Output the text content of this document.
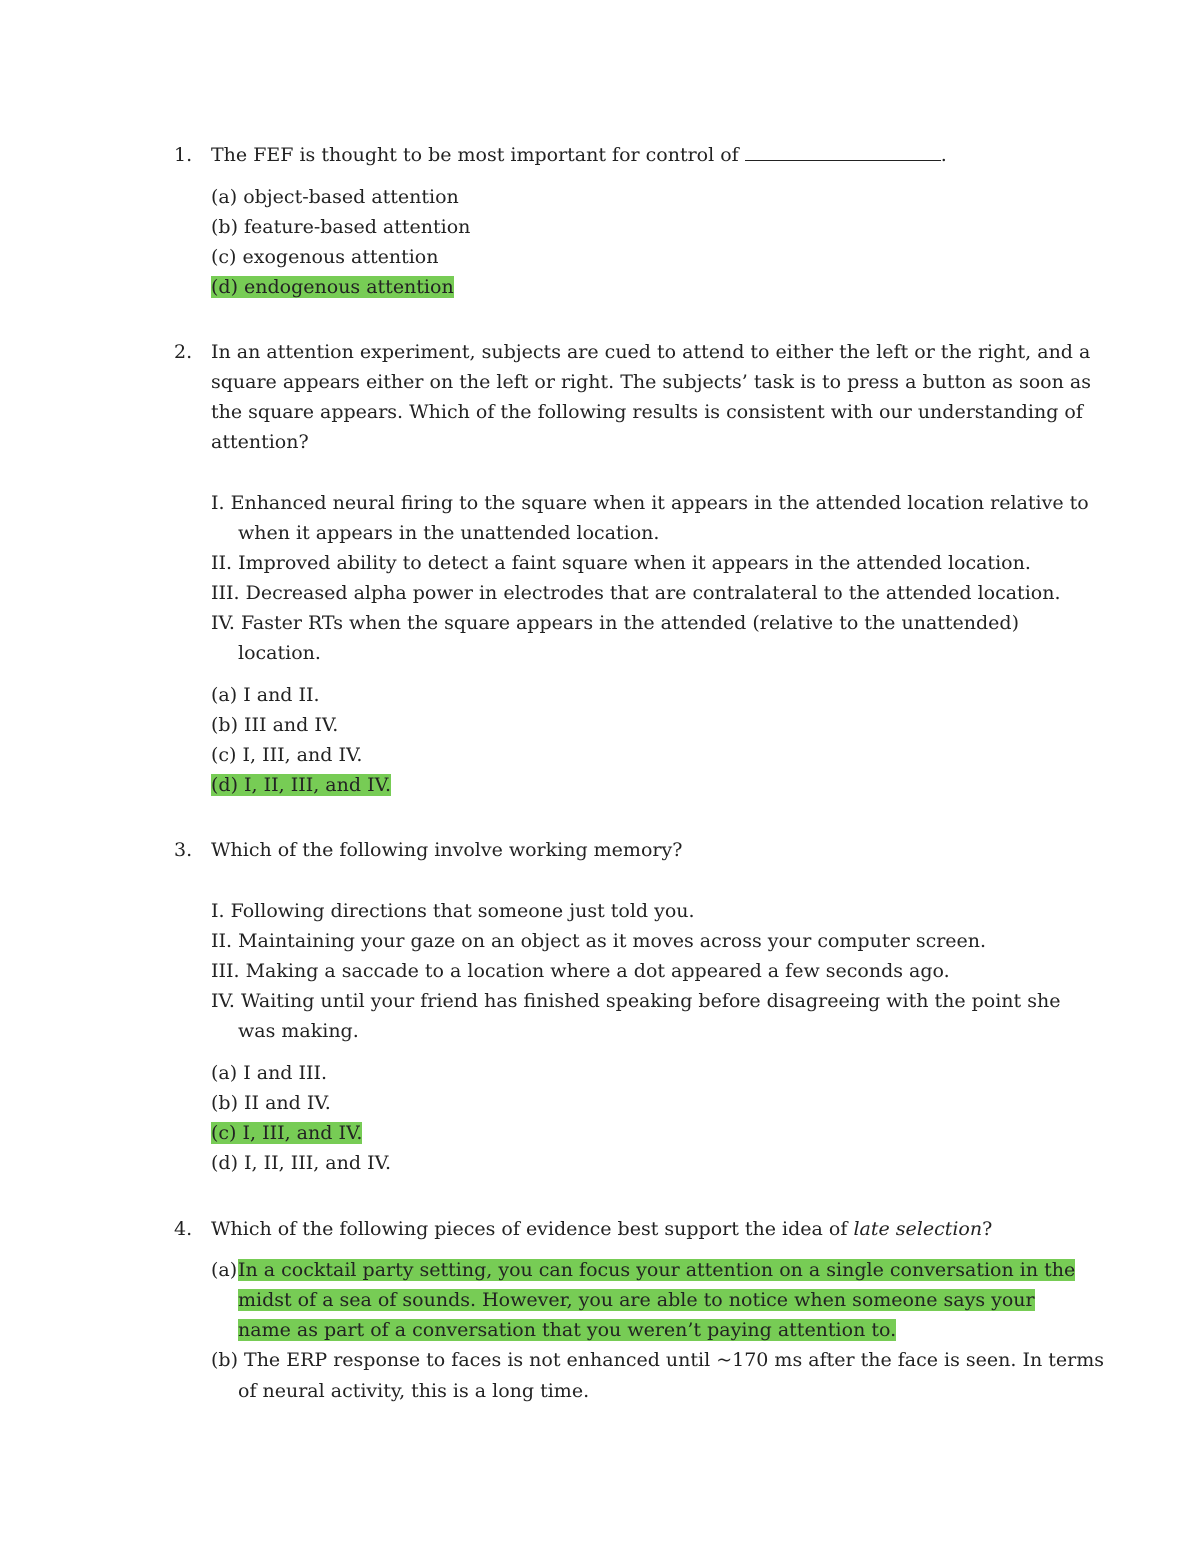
1. The FEF is thought to be most important for control of	.
(a) object-based attention
(b) feature-based attention
(c) exogenous attention
(d) endogenous attention
2. In an attention experiment, subjects are cued to attend to either the left or the right, and a
square appears either on the left or right. The subjects’ task is to press a button as soon as
the square appears. Which of the following results is consistent with our understanding of
attention?
I. Enhanced neural firing to the square when it appears in the attended location relative to
when it appears in the unattended location.
II. Improved ability to detect a faint square when it appears in the attended location.
III. Decreased alpha power in electrodes that are contralateral to the attended location.
IV. Faster RTs when the square appears in the attended (relative to the unattended)
location.
(a) I and II.
(b) III and IV.
(c) I, III, and IV.
(d) I, II, III, and IV.
3. Which of the following involve working memory?
I. Following directions that someone just told you.
II. Maintaining your gaze on an object as it moves across your computer screen.
III. Making a saccade to a location where a dot appeared a few seconds ago.
IV. Waiting until your friend has finished speaking before disagreeing with the point she
was making.
(a) I and III.
(b) II and IV.
(c) I, III, and IV.
(d) I, II, III, and IV.
4. Which of the following pieces of evidence best support the idea of late selection?
(a) In a cocktail party setting, you can focus your attention on a single conversation in the
midst of a sea of sounds. However, you are able to notice when someone says your
name as part of a conversation that you weren’t paying attention to.
(b) The ERP response to faces is not enhanced until ~170 ms after the face is seen. In terms
of neural activity, this is a long time.
